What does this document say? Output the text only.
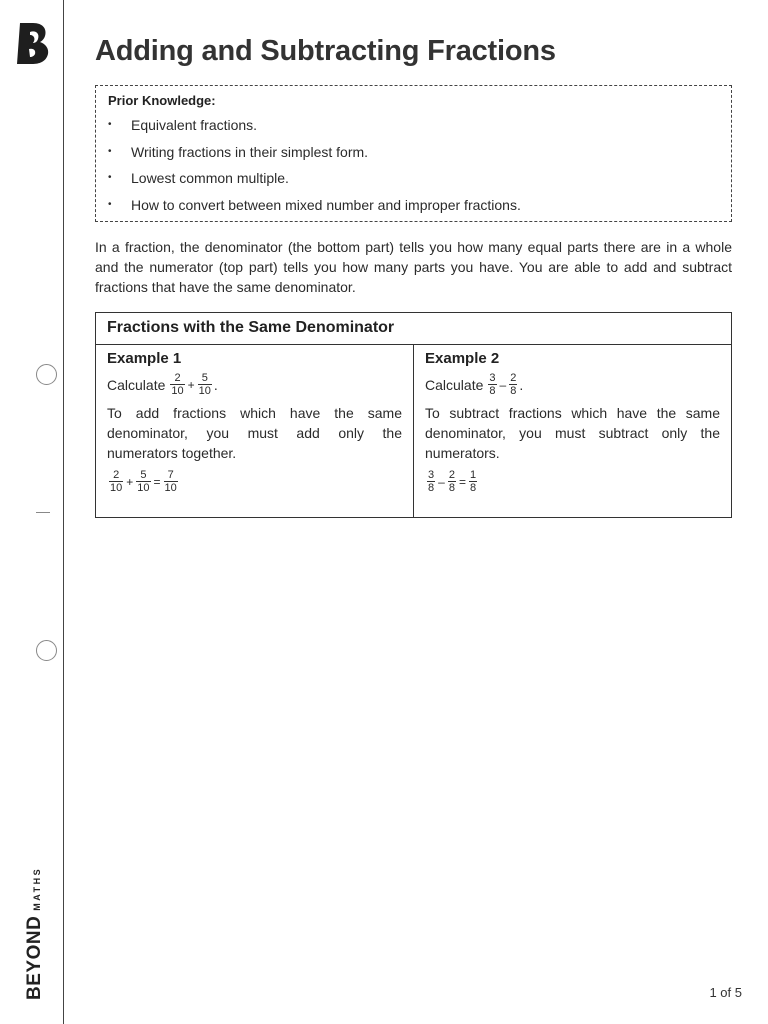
BEYOND
MATHS
Adding and Subtracting Fractions
Prior Knowledge:
• Equivalent fractions.
• Writing fractions in their simplest form.
• Lowest common multiple.
• How to convert between mixed number and improper fractions.

In a fraction, the denominator (the bottom part) tells you how many equal parts there are in a whole and the numerator (top part) tells you how many parts you have. You are able to add and subtract fractions that have the same denominator.

Fractions with the Same Denominator
Example 1
Calculate $\frac{2}{10} + \frac{5}{10}$ .

To add fractions which have the same denominator, you must add only the numerators together.

$\frac{2}{10} + \frac{5}{10} = \frac{7}{10}$
Example 2
Calculate $\frac{3}{8} - \frac{2}{8}$ .

To subtract fractions which have the same denominator, you must subtract only the numerators.

$\frac{3}{8} - \frac{2}{8} = \frac{1}{8}$
1 of 5
